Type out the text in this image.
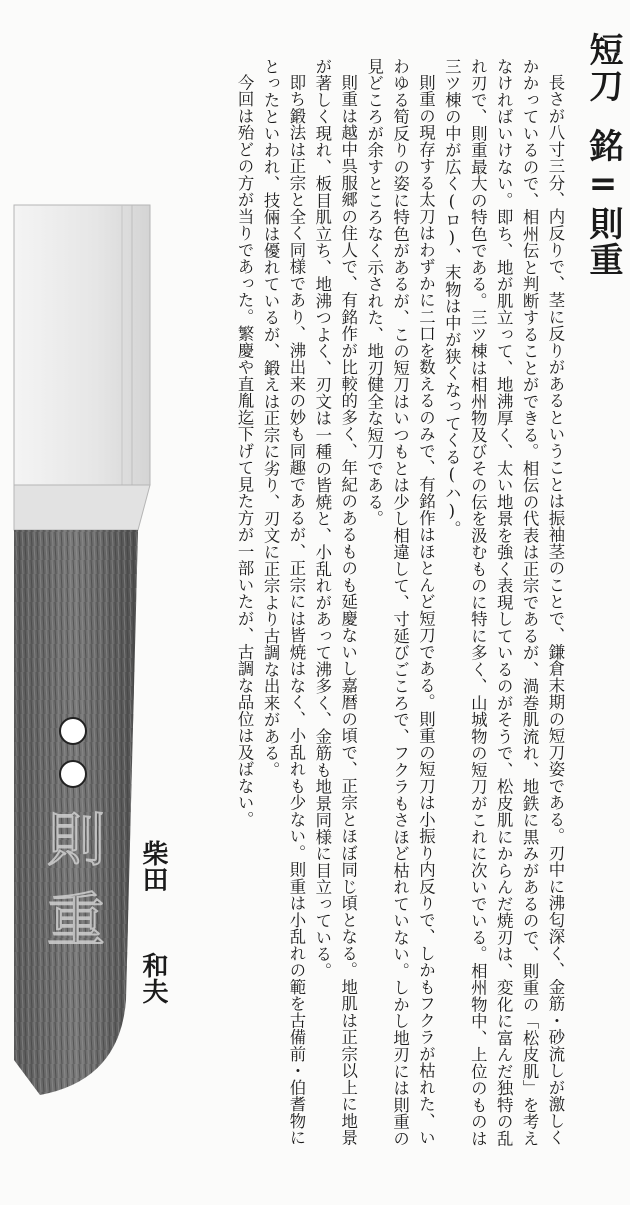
則
重
短刀銘=則重

長さが八寸三分、内反りで、茎に反りがあるということは振袖茎のことで、鎌倉末期の短刀姿である。刃中に沸匂深く、金筋・砂流しが激しくかかっているので、相州伝と判断することができる。相伝の代表は正宗であるが、渦巻肌流れ、地鉄に黒みがあるので、則重の「松皮肌」を考えなければいけない。即ち、地が肌立って、地沸厚く、太い地景を強く表現しているのがそうで、松皮肌にからんだ焼刃は、変化に富んだ独特の乱れ刃で、則重最大の特色である。三ツ棟は相州物及びその伝を汲むものに特に多く、山城物の短刀がこれに次いでいる。相州物中、上位のものは三ツ棟の中が広く(ロ)、末物は中が狭くなってくる(ハ)。

則重の現存する太刀はわずかに二口を数えるのみで、有銘作はほとんど短刀である。則重の短刀は小振り内反りで、しかもフクラが枯れた、いわゆる筍反りの姿に特色があるが、この短刀はいつもとは少し相違して、寸延びごころで、フクラもさほど枯れていない。しかし地刃には則重の見どころが余すところなく示された、地刃健全な短刀である。

則重は越中呉服郷の住人で、有銘作が比較的多く、年紀のあるものも延慶ないし嘉暦の頃で、正宗とほぼ同じ頃となる。地肌は正宗以上に地景が著しく現れ、板目肌立ち、地沸つよく、刃文は一種の皆焼と、小乱れがあって沸多く、金筋も地景同様に目立っている。

即ち鍛法は正宗と全く同様であり、沸出来の妙も同趣であるが、正宗には皆焼はなく、小乱れも少ない。則重は小乱れの範を古備前・伯耆物にとったといわれ、技倆は優れているが、鍛えは正宗に劣り、刃文に正宗より古調な出来がある。

今回は殆どの方が当りであった。繁慶や直胤迄下げて見た方が一部いたが、古調な品位は及ばない。

柴田和夫
